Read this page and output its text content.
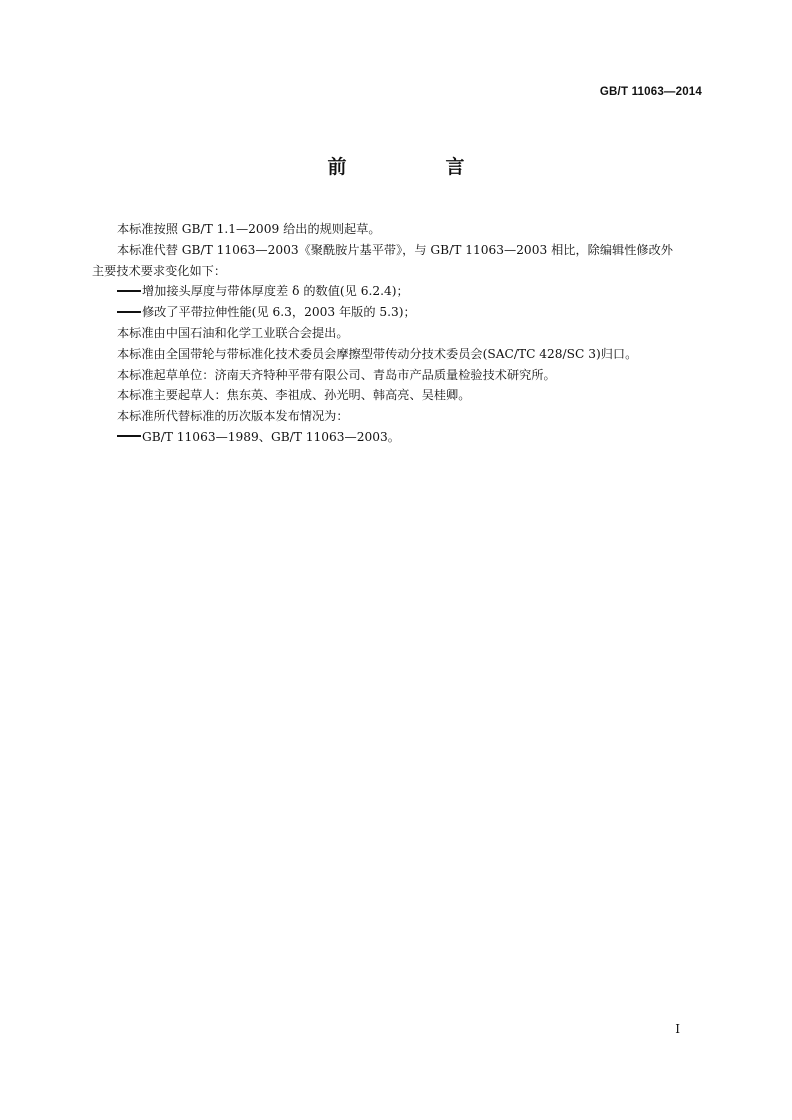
GB/T 11063—2014
前　言

本标准按照 GB/T 1.1—2009 给出的规则起草。

本标准代替 GB/T 11063—2003《聚酰胺片基平带》，与 GB/T 11063—2003 相比，除编辑性修改外

主要技术要求变化如下：

增加接头厚度与带体厚度差 δ 的数值(见 6.2.4)；

修改了平带拉伸性能(见 6.3，2003 年版的 5.3)；

本标准由中国石油和化学工业联合会提出。

本标准由全国带轮与带标准化技术委员会摩擦型带传动分技术委员会(SAC/TC 428/SC 3)归口。

本标准起草单位：济南天齐特种平带有限公司、青岛市产品质量检验技术研究所。

本标准主要起草人：焦东英、李祖成、孙光明、韩高亮、吴桂卿。

本标准所代替标准的历次版本发布情况为：

GB/T 11063—1989、GB/T 11063—2003。

I
